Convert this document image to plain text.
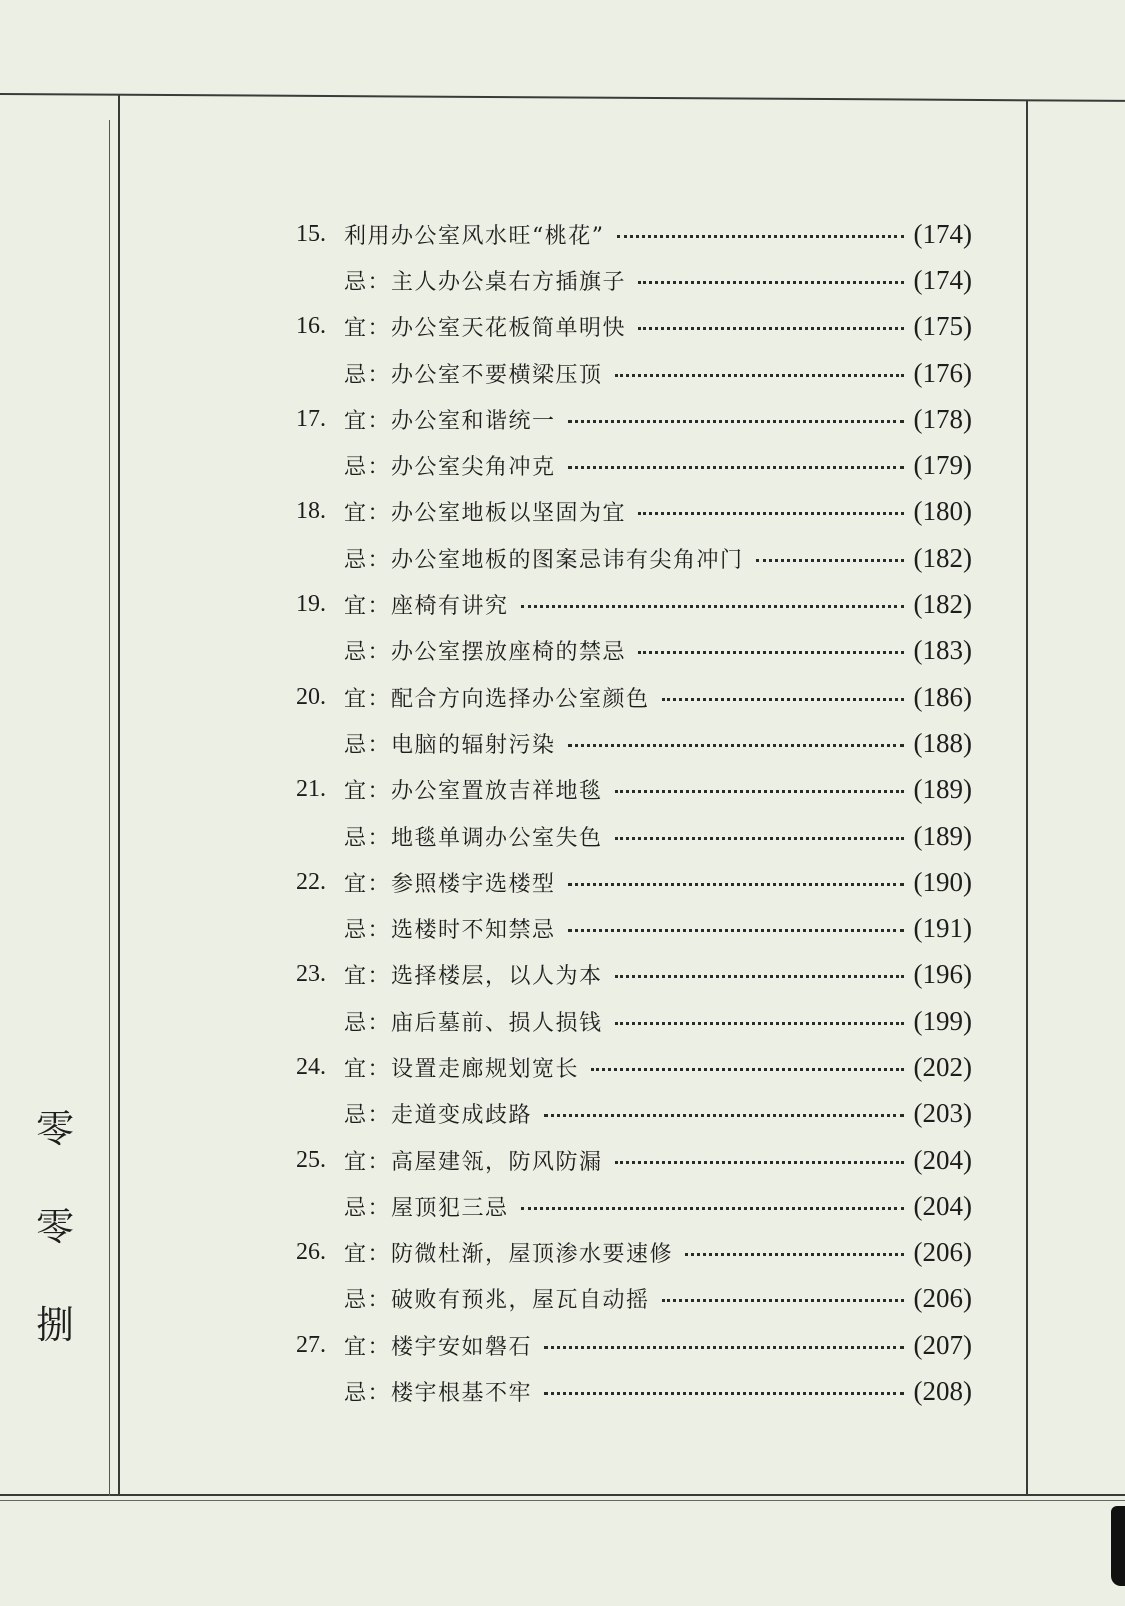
零
零
捌
15. 利用办公室风水旺“桃花”	(174)
忌：主人办公桌右方插旗子	(174)
16. 宜：办公室天花板简单明快	(175)
忌：办公室不要横梁压顶	(176)
17. 宜：办公室和谐统一	(178)
忌：办公室尖角冲克	(179)
18. 宜：办公室地板以坚固为宜	(180)
忌：办公室地板的图案忌讳有尖角冲门	(182)
19. 宜：座椅有讲究	(182)
忌：办公室摆放座椅的禁忌	(183)
20. 宜：配合方向选择办公室颜色	(186)
忌：电脑的辐射污染	(188)
21. 宜：办公室置放吉祥地毯	(189)
忌：地毯单调办公室失色	(189)
22. 宜：参照楼宇选楼型	(190)
忌：选楼时不知禁忌	(191)
23. 宜：选择楼层，以人为本	(196)
忌：庙后墓前、损人损钱	(199)
24. 宜：设置走廊规划宽长	(202)
忌：走道变成歧路	(203)
25. 宜：高屋建瓴，防风防漏	(204)
忌：屋顶犯三忌	(204)
26. 宜：防微杜渐，屋顶渗水要速修	(206)
忌：破败有预兆，屋瓦自动摇	(206)
27. 宜：楼宇安如磐石	(207)
忌：楼宇根基不牢	(208)
